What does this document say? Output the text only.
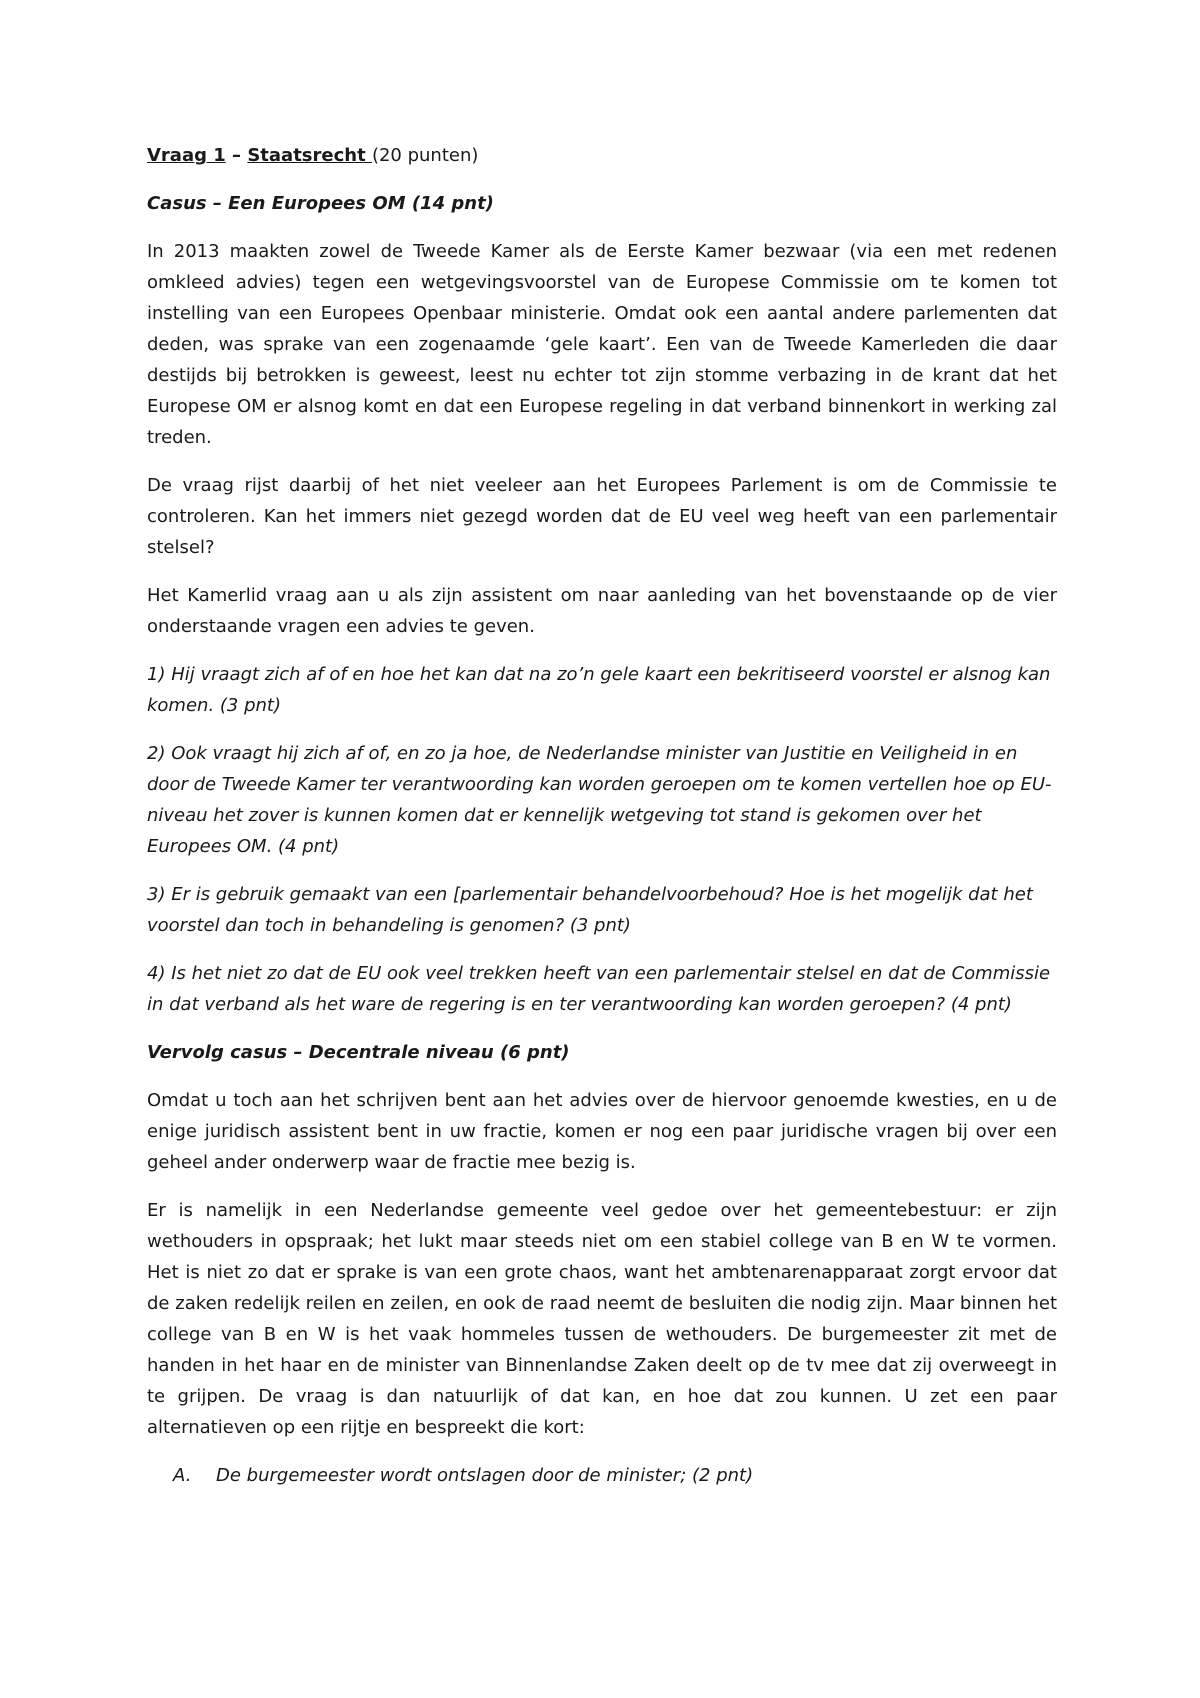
Vraag 1 – Staatsrecht (20 punten)

Casus – Een Europees OM (14 pnt)

In 2013 maakten zowel de Tweede Kamer als de Eerste Kamer bezwaar (via een met redenen omkleed advies) tegen een wetgevingsvoorstel van de Europese Commissie om te komen tot instelling van een Europees Openbaar ministerie. Omdat ook een aantal andere parlementen dat deden, was sprake van een zogenaamde ‘gele kaart’. Een van de Tweede Kamerleden die daar destijds bij betrokken is geweest, leest nu echter tot zijn stomme verbazing in de krant dat het Europese OM er alsnog komt en dat een Europese regeling in dat verband binnenkort in werking zal treden.

De vraag rijst daarbij of het niet veeleer aan het Europees Parlement is om de Commissie te controleren. Kan het immers niet gezegd worden dat de EU veel weg heeft van een parlementair stelsel?

Het Kamerlid vraag aan u als zijn assistent om naar aanleding van het bovenstaande op de vier onderstaande vragen een advies te geven.

1) Hij vraagt zich af of en hoe het kan dat na zo’n gele kaart een bekritiseerd voorstel er alsnog kan komen. (3 pnt)

2) Ook vraagt hij zich af of, en zo ja hoe, de Nederlandse minister van Justitie en Veiligheid in en door de Tweede Kamer ter verantwoording kan worden geroepen om te komen vertellen hoe op EU-niveau het zover is kunnen komen dat er kennelijk wetgeving tot stand is gekomen over het Europees OM. (4 pnt)

3) Er is gebruik gemaakt van een [parlementair behandelvoorbehoud? Hoe is het mogelijk dat het voorstel dan toch in behandeling is genomen? (3 pnt)

4) Is het niet zo dat de EU ook veel trekken heeft van een parlementair stelsel en dat de Commissie in dat verband als het ware de regering is en ter verantwoording kan worden geroepen? (4 pnt)

Vervolg casus – Decentrale niveau (6 pnt)

Omdat u toch aan het schrijven bent aan het advies over de hiervoor genoemde kwesties, en u de enige juridisch assistent bent in uw fractie, komen er nog een paar juridische vragen bij over een geheel ander onderwerp waar de fractie mee bezig is.

Er is namelijk in een Nederlandse gemeente veel gedoe over het gemeentebestuur: er zijn wethouders in opspraak; het lukt maar steeds niet om een stabiel college van B en W te vormen. Het is niet zo dat er sprake is van een grote chaos, want het ambtenarenapparaat zorgt ervoor dat de zaken redelijk reilen en zeilen, en ook de raad neemt de besluiten die nodig zijn. Maar binnen het college van B en W is het vaak hommeles tussen de wethouders. De burgemeester zit met de handen in het haar en de minister van Binnenlandse Zaken deelt op de tv mee dat zij overweegt in te grijpen. De vraag is dan natuurlijk of dat kan, en hoe dat zou kunnen. U zet een paar alternatieven op een rijtje en bespreekt die kort:

A. De burgemeester wordt ontslagen door de minister; (2 pnt)
